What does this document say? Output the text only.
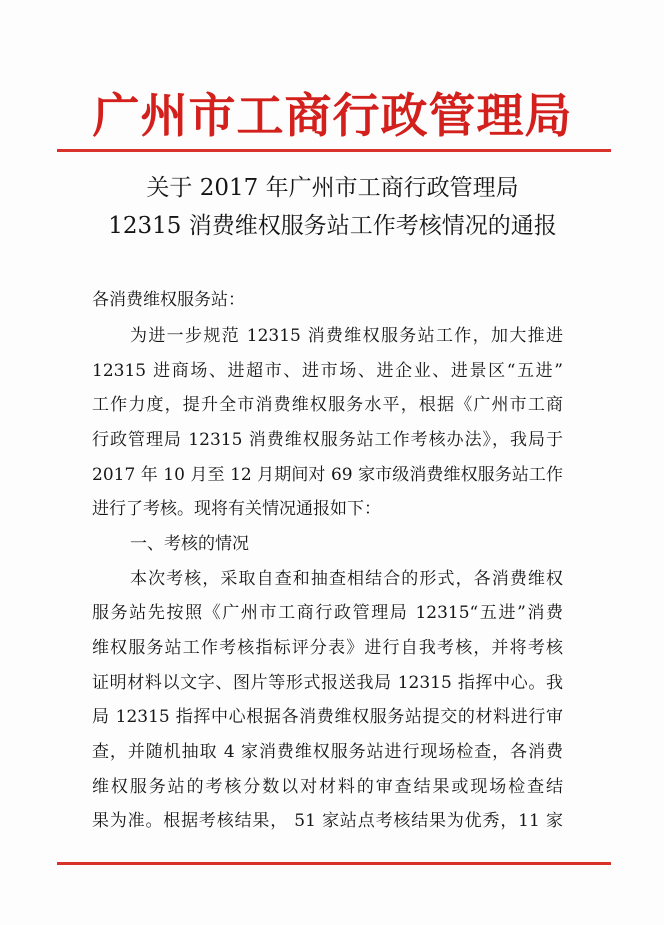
广州市工商行政管理局
关于 2017 年广州市工商行政管理局
12315 消费维权服务站工作考核情况的通报
各消费维权服务站：
为进一步规范 12315 消费维权服务站工作，加大推进
12315 进商场、进超市、进市场、进企业、进景区“五进”
工作力度，提升全市消费维权服务水平，根据《广州市工商
行政管理局 12315 消费维权服务站工作考核办法》，我局于
2017 年 10 月至 12 月期间对 69 家市级消费维权服务站工作
进行了考核。现将有关情况通报如下：
一、考核的情况
本次考核，采取自查和抽查相结合的形式，各消费维权
服务站先按照《广州市工商行政管理局 12315“五进”消费
维权服务站工作考核指标评分表》进行自我考核，并将考核
证明材料以文字、图片等形式报送我局 12315 指挥中心。我
局 12315 指挥中心根据各消费维权服务站提交的材料进行审
查，并随机抽取 4 家消费维权服务站进行现场检查，各消费
维权服务站的考核分数以对材料的审查结果或现场检查结
果为准。根据考核结果， 51 家站点考核结果为优秀，11 家
